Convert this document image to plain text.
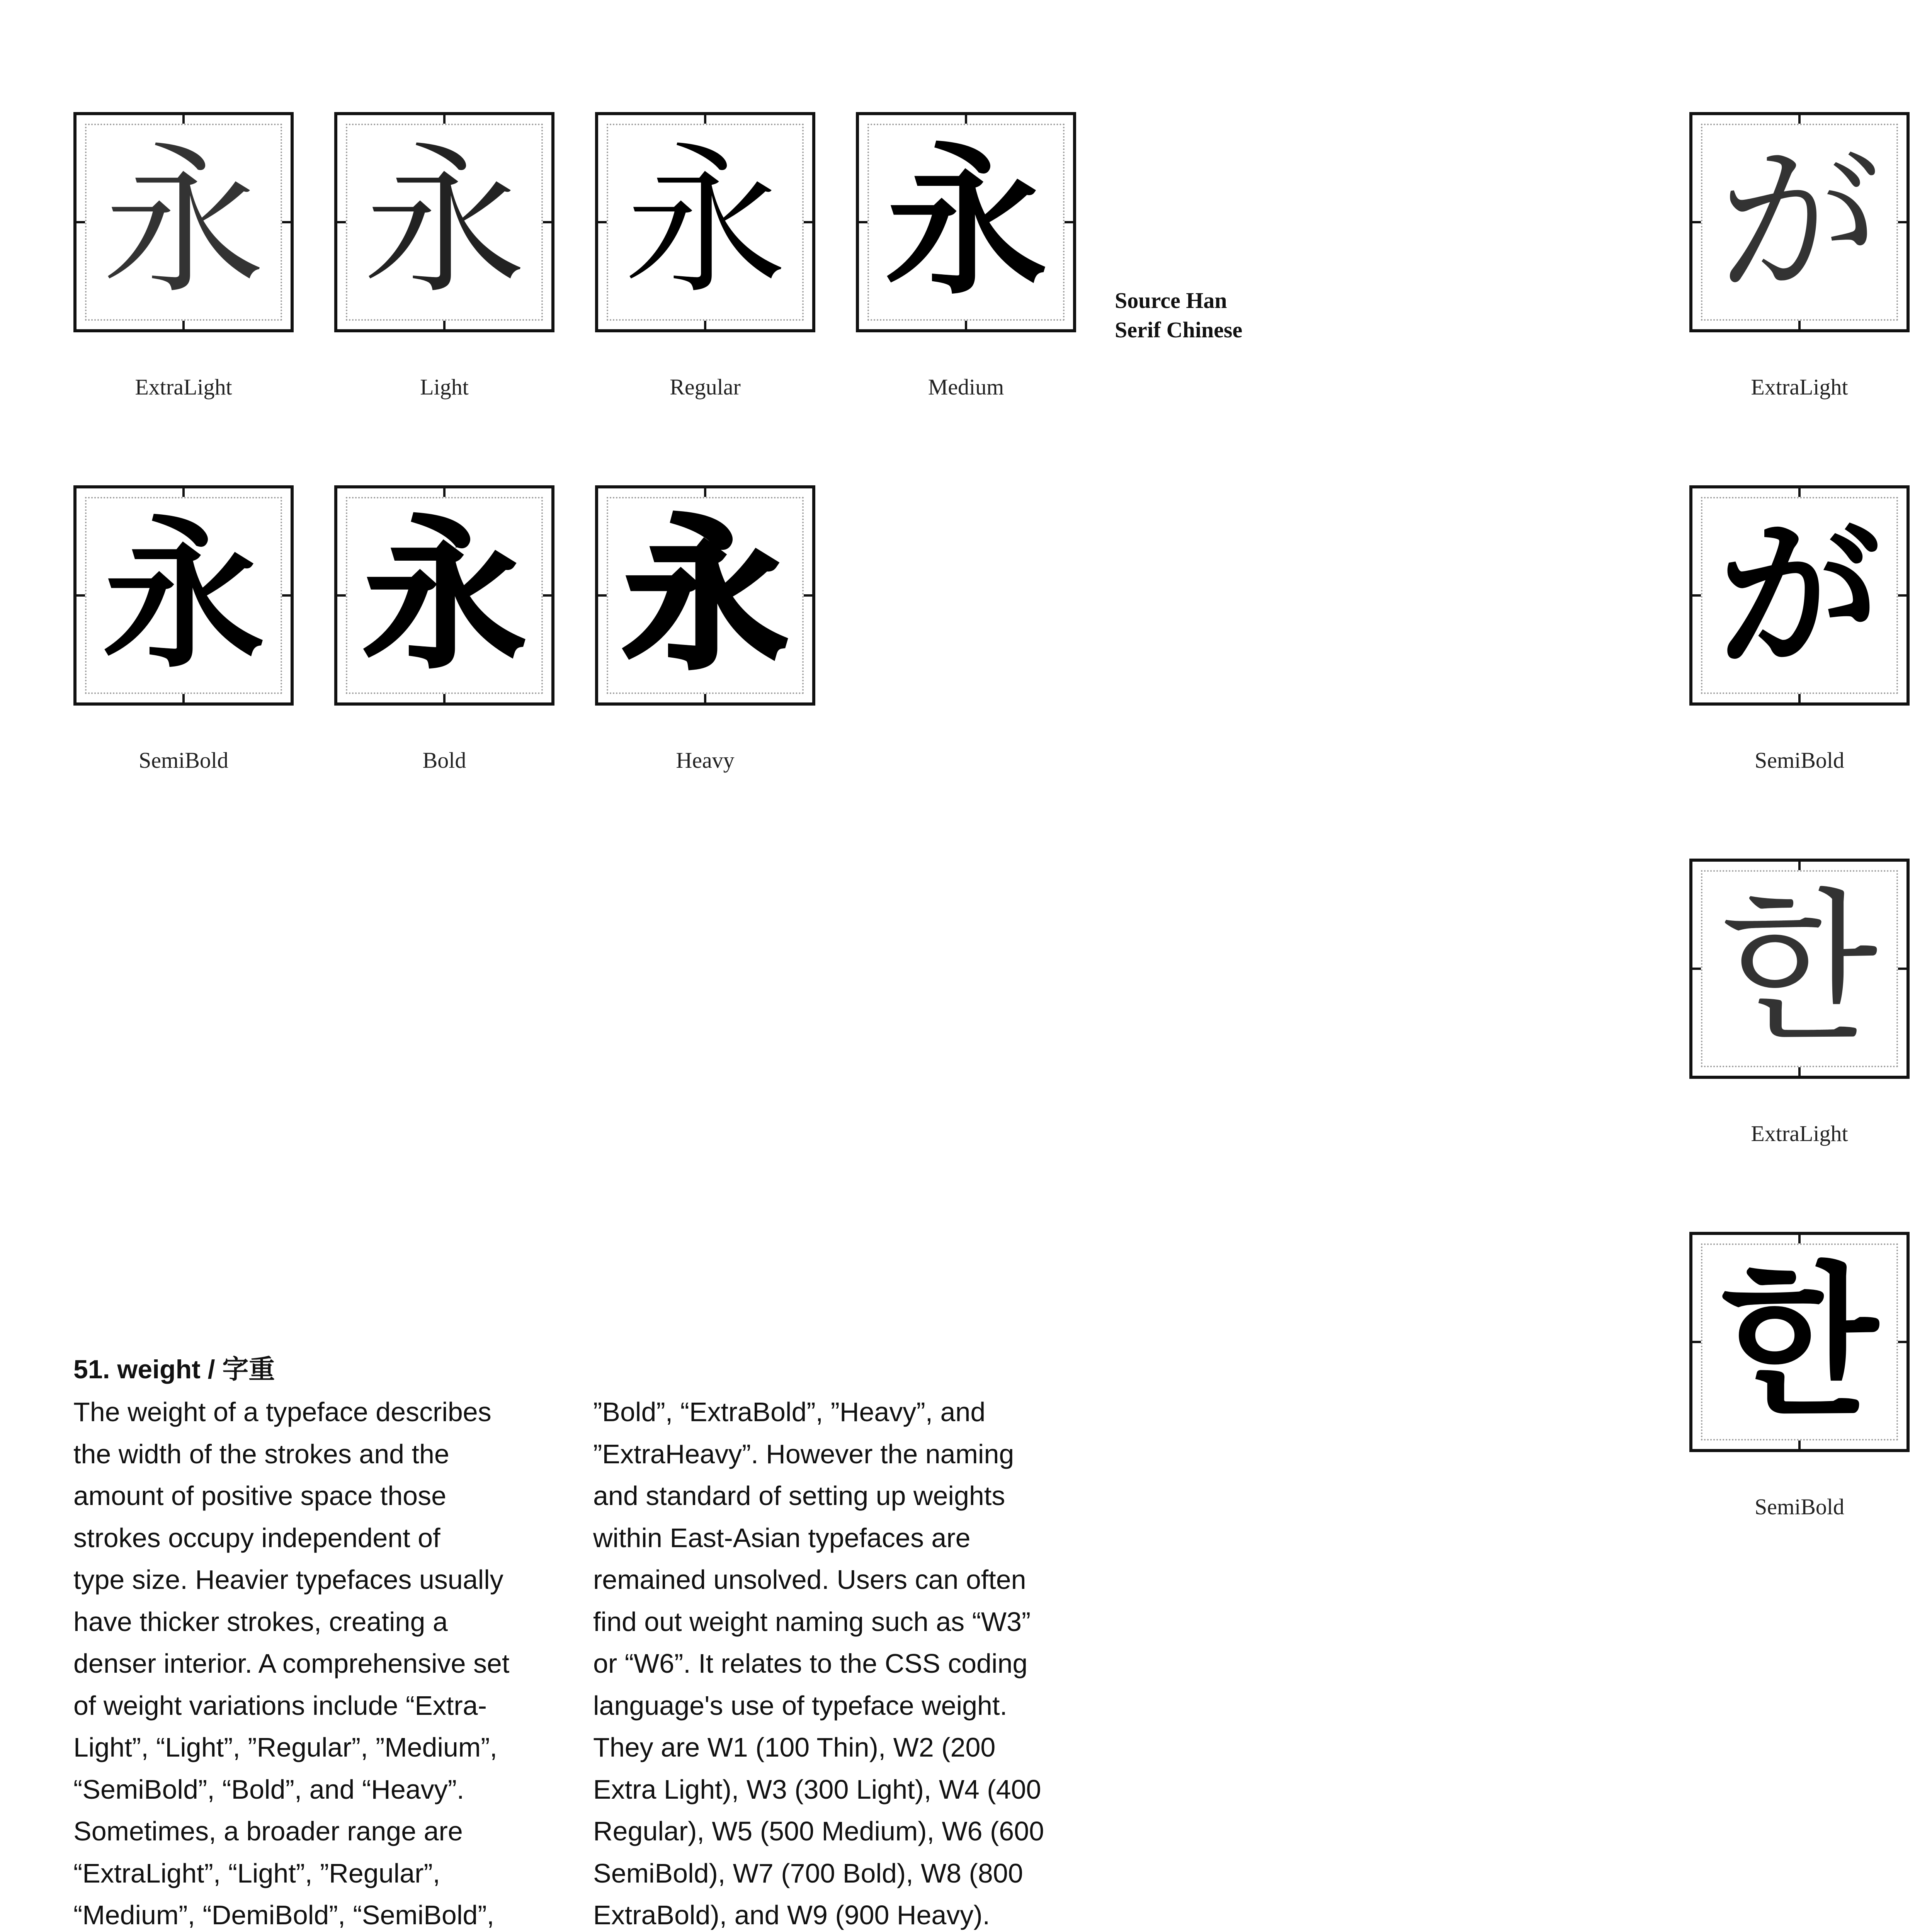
永
ExtraLight
永
Light
永
Regular
永
Medium
Source Han
Serif Chinese
永
SemiBold
永
Bold
永
Heavy
が
ExtraLight
が
SemiBold
한
ExtraLight
한
SemiBold
51. weight / 字重
The weight of a typeface describes
the width of the strokes and the
amount of positive space those
strokes occupy independent of
type size. Heavier typefaces usually
have thicker strokes, creating a
denser interior. A comprehensive set
of weight variations include “Extra-
Light”, “Light”, ”Regular”, ”Medium”,
“SemiBold”, “Bold”, and “Heavy”.
Sometimes, a broader range are
“ExtraLight”, “Light”, ”Regular”,
“Medium”, “DemiBold”, “SemiBold”,
”Bold”, “ExtraBold”, ”Heavy”, and
”ExtraHeavy”. However the naming
and standard of setting up weights
within East-Asian typefaces are
remained unsolved. Users can often
find out weight naming such as “W3”
or “W6”. It relates to the CSS coding
language's use of typeface weight.
They are W1 (100 Thin), W2 (200
Extra Light), W3 (300 Light), W4 (400
Regular), W5 (500 Medium), W6 (600
SemiBold), W7 (700 Bold), W8 (800
ExtraBold), and W9 (900 Heavy).
